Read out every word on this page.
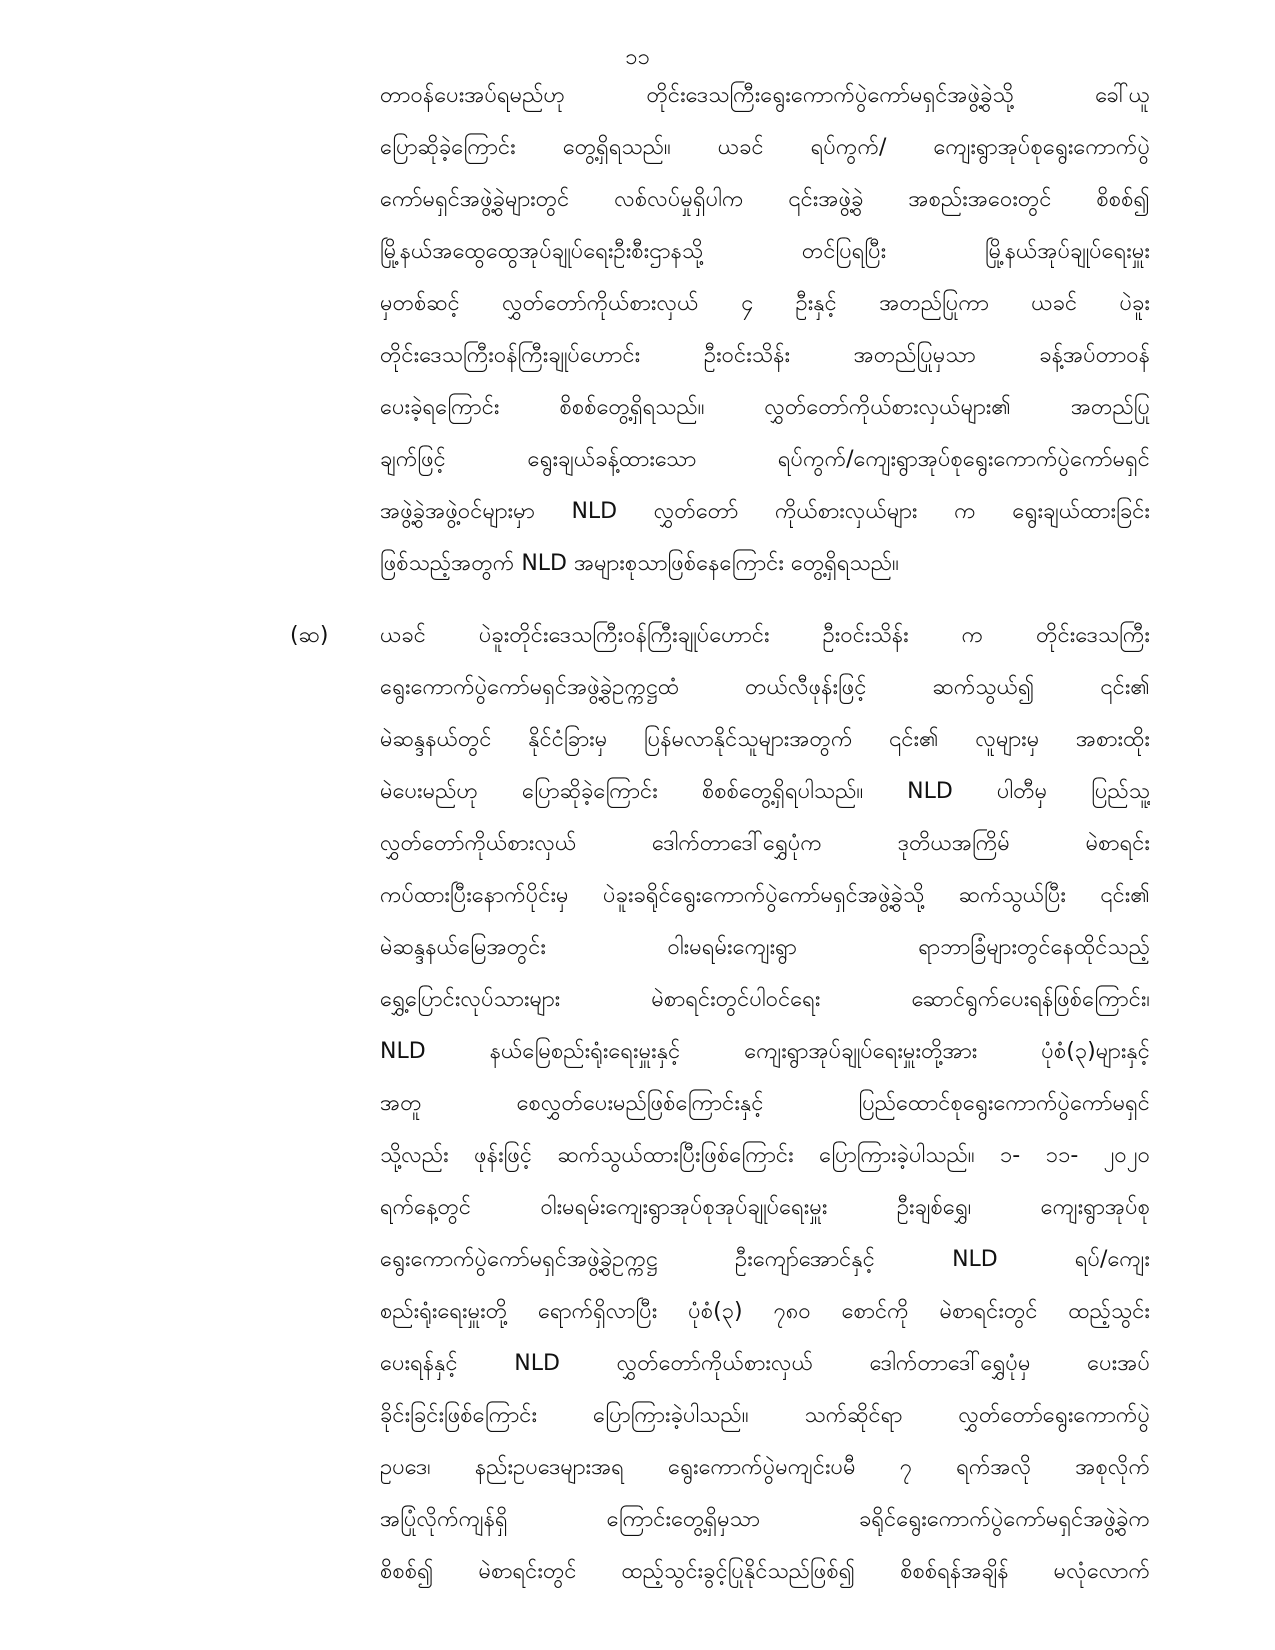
၁၁
တာဝန်ပေးအပ်ရမည်ဟု တိုင်းဒေသကြီးရွေးကောက်ပွဲကော်မရှင်အဖွဲ့ခွဲသို့ ခေါ်ယူ
ပြောဆိုခဲ့ကြောင်း တွေ့ရှိရသည်။ ယခင် ရပ်ကွက်/ ကျေးရွာအုပ်စုရွေးကောက်ပွဲ
ကော်မရှင်အဖွဲ့ခွဲများတွင် လစ်လပ်မှုရှိပါက ၎င်းအဖွဲ့ခွဲ အစည်းအဝေးတွင် စိစစ်၍
မြို့နယ်အထွေထွေအုပ်ချုပ်ရေးဦးစီးဌာနသို့ တင်ပြရပြီး မြို့နယ်အုပ်ချုပ်ရေးမှူး
မှတစ်ဆင့် လွှတ်တော်ကိုယ်စားလှယ် ၄ ဦးနှင့် အတည်ပြုကာ ယခင် ပဲခူး
တိုင်းဒေသကြီးဝန်ကြီးချုပ်ဟောင်း ဦးဝင်းသိန်း အတည်ပြုမှသာ ခန့်အပ်တာဝန်
ပေးခဲ့ရကြောင်း စိစစ်တွေ့ရှိရသည်။ လွှတ်တော်ကိုယ်စားလှယ်များ၏ အတည်ပြု
ချက်ဖြင့် ရွေးချယ်ခန့်ထားသော ရပ်ကွက်/ကျေးရွာအုပ်စုရွေးကောက်ပွဲကော်မရှင်
အဖွဲ့ခွဲအဖွဲ့ဝင်များမှာ NLD လွှတ်တော် ကိုယ်စားလှယ်များ က ရွေးချယ်ထားခြင်း
ဖြစ်သည့်အတွက် NLD အများစုသာဖြစ်နေကြောင်း တွေ့ရှိရသည်။
(ဆ) ယခင် ပဲခူးတိုင်းဒေသကြီးဝန်ကြီးချုပ်ဟောင်း ဦးဝင်းသိန်း က တိုင်းဒေသကြီး
ရွေးကောက်ပွဲကော်မရှင်အဖွဲ့ခွဲဥက္ကဋ္ဌထံ တယ်လီဖုန်းဖြင့် ဆက်သွယ်၍ ၎င်း၏
မဲဆန္ဒနယ်တွင် နိုင်ငံခြားမှ ပြန်မလာနိုင်သူများအတွက် ၎င်း၏ လူများမှ အစားထိုး
မဲပေးမည်ဟု ပြောဆိုခဲ့ကြောင်း စိစစ်တွေ့ရှိရပါသည်။ NLD ပါတီမှ ပြည်သူ့
လွှတ်တော်ကိုယ်စားလှယ် ဒေါက်တာဒေါ်ရွှေပုံက ဒုတိယအကြိမ် မဲစာရင်း
ကပ်ထားပြီးနောက်ပိုင်းမှ ပဲခူးခရိုင်ရွေးကောက်ပွဲကော်မရှင်အဖွဲ့ခွဲသို့ ဆက်သွယ်ပြီး ၎င်း၏
မဲဆန္ဒနယ်မြေအတွင်း ဝါးမရမ်းကျေးရွာ ရာဘာခြံများတွင်နေထိုင်သည့်
ရွှေ့ပြောင်းလုပ်သားများ မဲစာရင်းတွင်ပါဝင်ရေး ဆောင်ရွက်ပေးရန်ဖြစ်ကြောင်း၊
NLD နယ်မြေစည်းရုံးရေးမှူးနှင့် ကျေးရွာအုပ်ချုပ်ရေးမှူးတို့အား ပုံစံ(၃)များနှင့်
အတူ စေလွှတ်ပေးမည်ဖြစ်ကြောင်းနှင့် ပြည်ထောင်စုရွေးကောက်ပွဲကော်မရှင်
သို့လည်း ဖုန်းဖြင့် ဆက်သွယ်ထားပြီးဖြစ်ကြောင်း ပြောကြားခဲ့ပါသည်။ ၁- ၁၁- ၂၀၂၀
ရက်နေ့တွင် ဝါးမရမ်းကျေးရွာအုပ်စုအုပ်ချုပ်ရေးမှူး ဦးချစ်ရွှေ၊ ကျေးရွာအုပ်စု
ရွေးကောက်ပွဲကော်မရှင်အဖွဲ့ခွဲဥက္ကဋ္ဌ ဦးကျော်အောင်နှင့် NLD ရပ်/ကျေး
စည်းရုံးရေးမှူးတို့ ရောက်ရှိလာပြီး ပုံစံ(၃) ၇၈၀ စောင်ကို မဲစာရင်းတွင် ထည့်သွင်း
ပေးရန်နှင့် NLD လွှတ်တော်ကိုယ်စားလှယ် ဒေါက်တာဒေါ်ရွှေပုံမှ ပေးအပ်
ခိုင်းခြင်းဖြစ်ကြောင်း ပြောကြားခဲ့ပါသည်။ သက်ဆိုင်ရာ လွှတ်တော်ရွေးကောက်ပွဲ
ဥပဒေ၊ နည်းဥပဒေများအရ ရွေးကောက်ပွဲမကျင်းပမီ ၇ ရက်အလို အစုလိုက်
အပြုံလိုက်ကျန်ရှိ ကြောင်းတွေ့ရှိမှသာ ခရိုင်ရွေးကောက်ပွဲကော်မရှင်အဖွဲ့ခွဲက
စိစစ်၍ မဲစာရင်းတွင် ထည့်သွင်းခွင့်ပြုနိုင်သည်ဖြစ်၍ စိစစ်ရန်အချိန် မလုံလောက်
